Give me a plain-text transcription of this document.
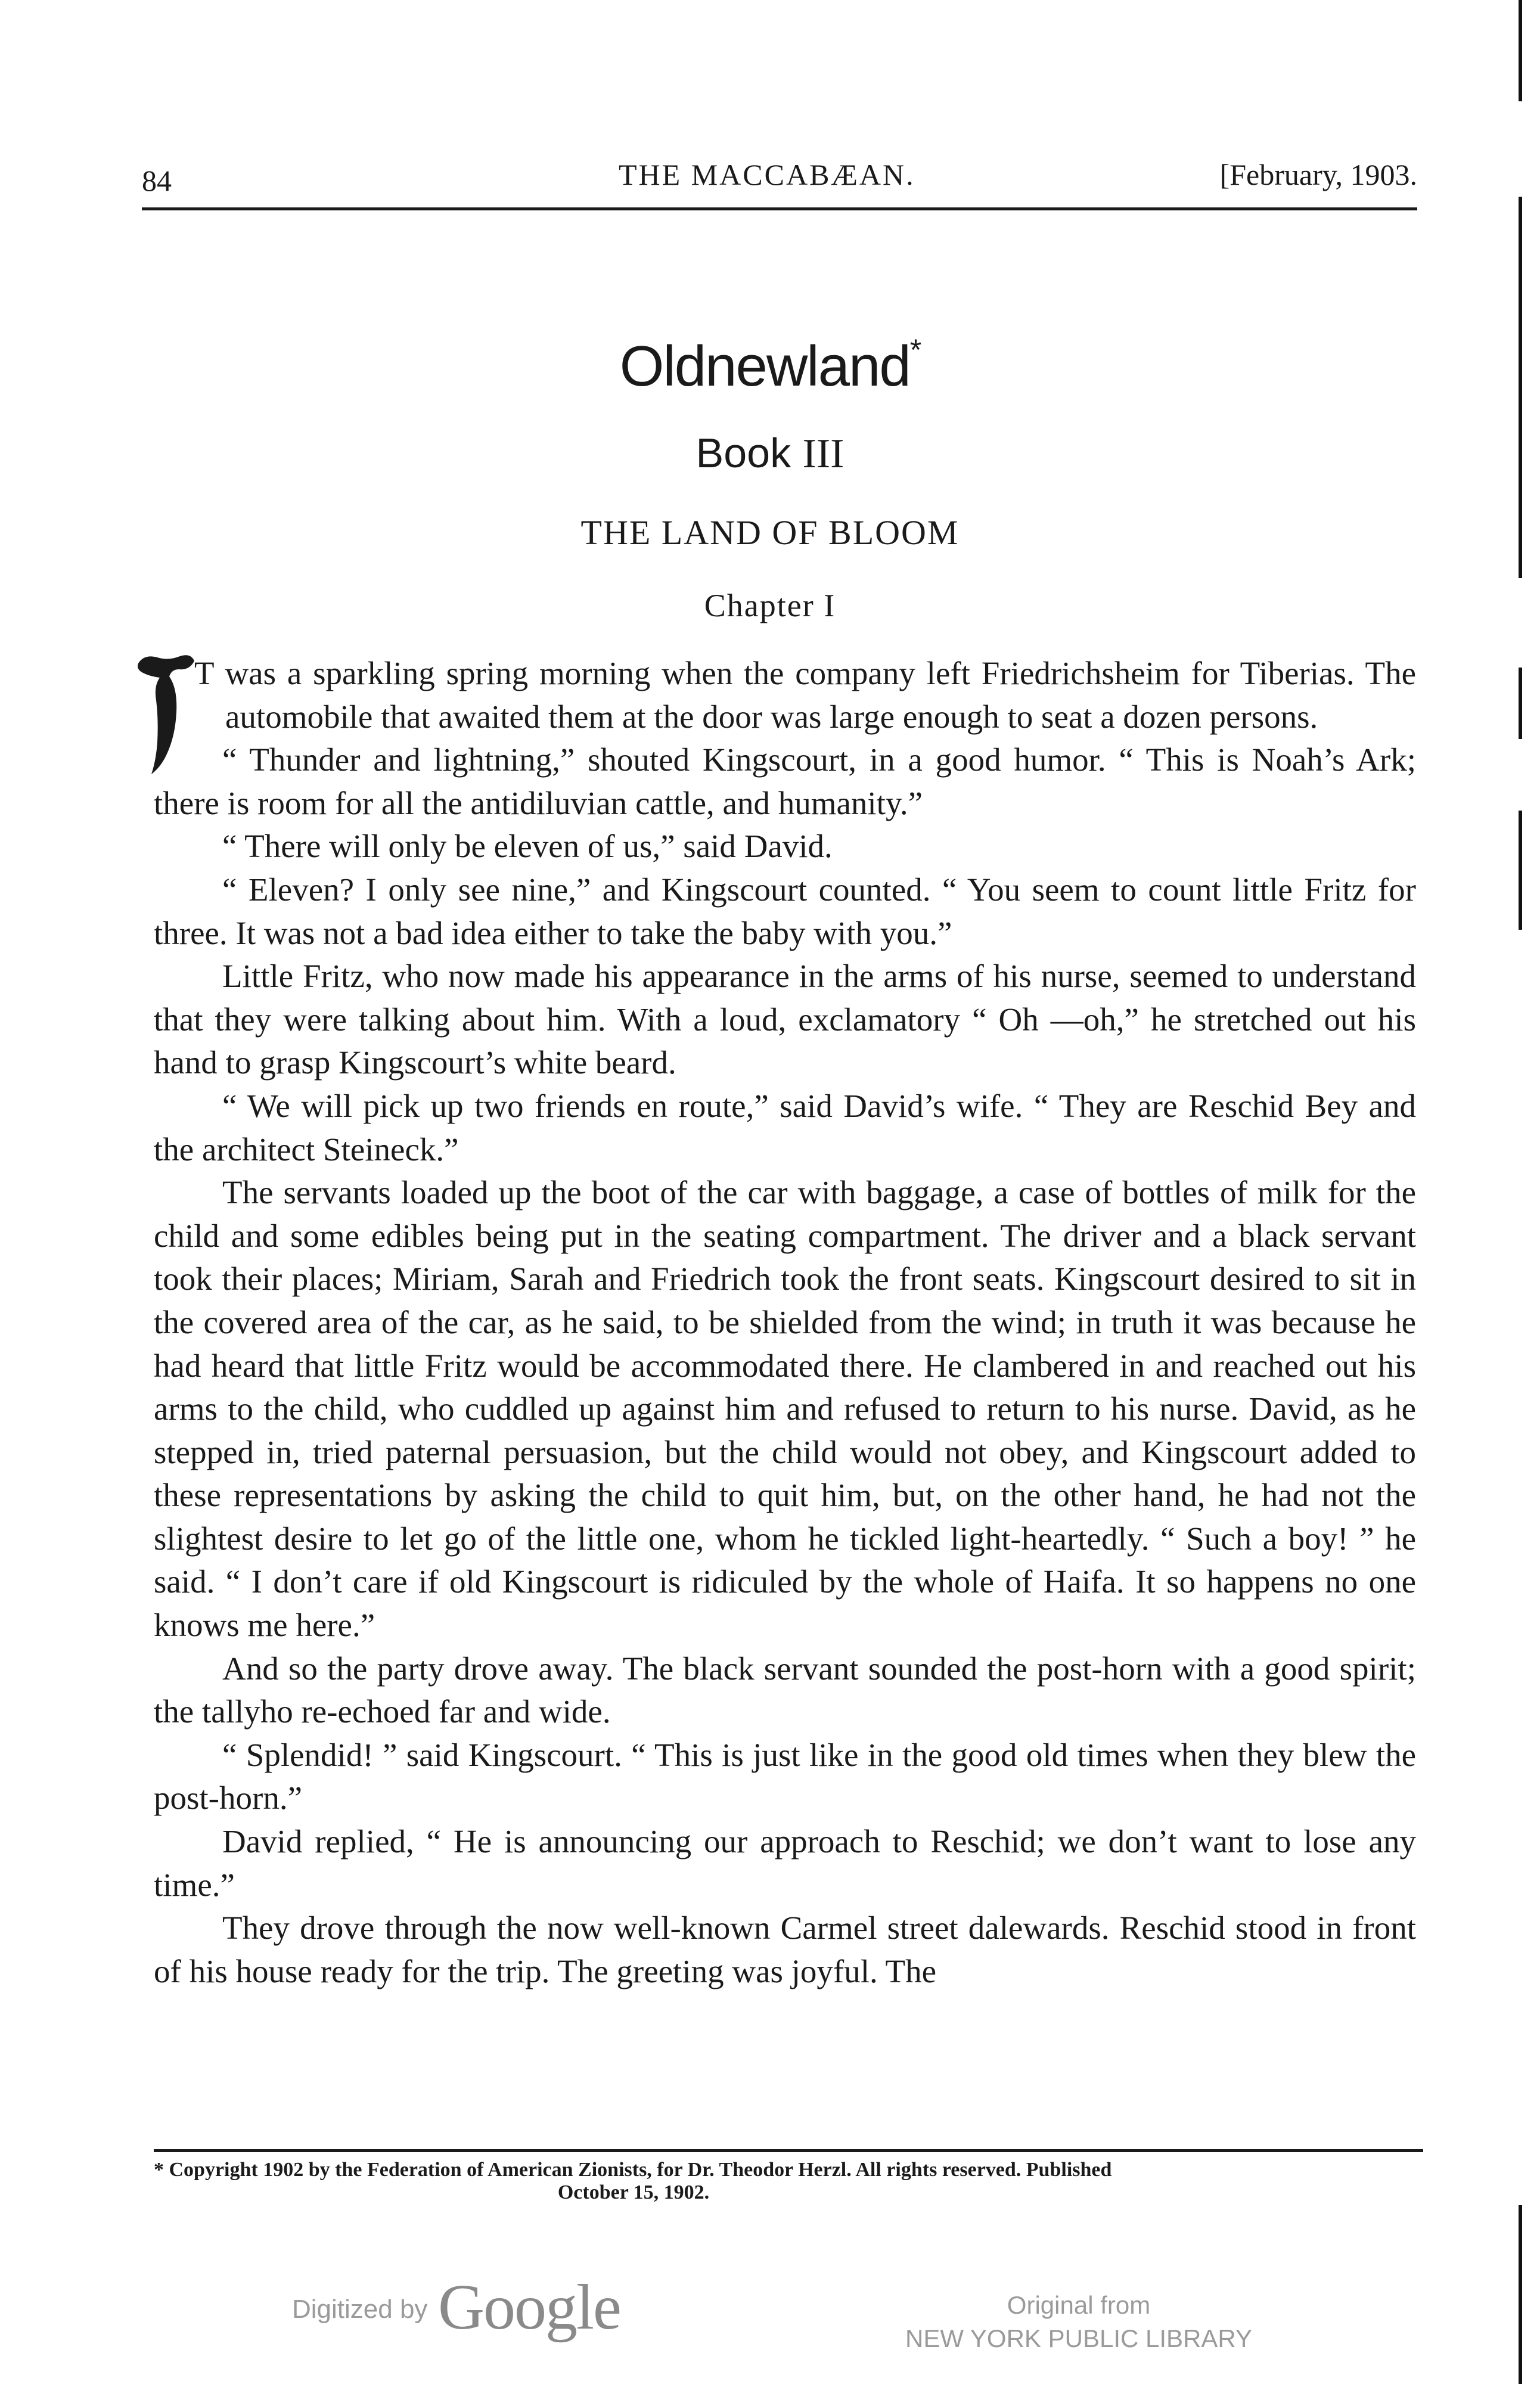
84	THE MACCABÆAN.	[February, 1903.
Oldnewland*
Book III
THE LAND OF BLOOM
Chapter I

T was a sparkling spring morning when the company left Friedrichsheim for Tiberias. The automobile that awaited them at the door was large enough to seat a dozen persons.

“ Thunder and lightning,” shouted Kingscourt, in a good humor. “ This is Noah’s Ark; there is room for all the antidiluvian cattle, and humanity.”

“ There will only be eleven of us,” said David.

“ Eleven? I only see nine,” and Kingscourt counted. “ You seem to count little Fritz for three. It was not a bad idea either to take the baby with you.”

Little Fritz, who now made his appearance in the arms of his nurse, seemed to understand that they were talking about him. With a loud, exclamatory “ Oh —oh,” he stretched out his hand to grasp Kingscourt’s white beard.

“ We will pick up two friends en route,” said David’s wife. “ They are Reschid Bey and the architect Steineck.”

The servants loaded up the boot of the car with baggage, a case of bottles of milk for the child and some edibles being put in the seating compartment. The driver and a black servant took their places; Miriam, Sarah and Friedrich took the front seats. Kingscourt desired to sit in the covered area of the car, as he said, to be shielded from the wind; in truth it was because he had heard that little Fritz would be accommodated there. He clambered in and reached out his arms to the child, who cuddled up against him and refused to return to his nurse. David, as he stepped in, tried paternal persuasion, but the child would not obey, and Kingscourt added to these representations by asking the child to quit him, but, on the other hand, he had not the slightest desire to let go of the little one, whom he tickled light-heartedly. “ Such a boy! ” he said. “ I don’t care if old Kingscourt is ridiculed by the whole of Haifa. It so happens no one knows me here.”

And so the party drove away. The black servant sounded the post-horn with a good spirit; the tallyho re-echoed far and wide.

“ Splendid! ” said Kingscourt. “ This is just like in the good old times when they blew the post-horn.”

David replied, “ He is announcing our approach to Reschid; we don’t want to lose any time.”

They drove through the now well-known Carmel street dalewards. Reschid stood in front of his house ready for the trip. The greeting was joyful. The

* Copyright 1902 by the Federation of American Zionists, for Dr. Theodor Herzl. All rights reserved. Published
October 15, 1902.
Digitized by Google	Original from
NEW YORK PUBLIC LIBRARY
